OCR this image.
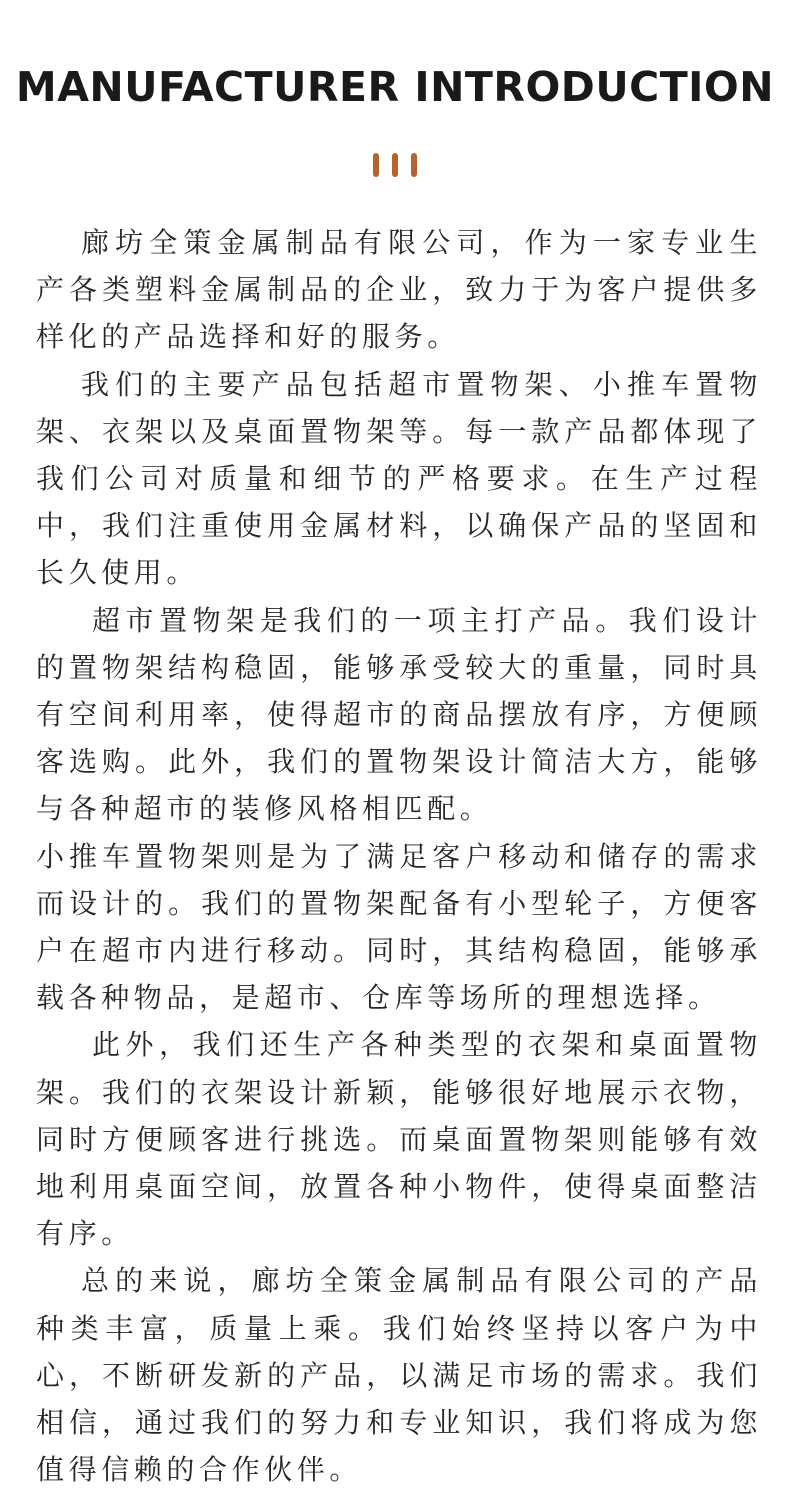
MANUFACTURER INTRODUCTION

廊坊全策金属制品有限公司，作为一家专业生产各类塑料金属制品的企业，致力于为客户提供多样化的产品选择和好的服务。

我们的主要产品包括超市置物架、小推车置物架、衣架以及桌面置物架等。每一款产品都体现了我们公司对质量和细节的严格要求。在生产过程中，我们注重使用金属材料，以确保产品的坚固和长久使用。

超市置物架是我们的一项主打产品。我们设计的置物架结构稳固，能够承受较大的重量，同时具有空间利用率，使得超市的商品摆放有序，方便顾客选购。此外，我们的置物架设计简洁大方，能够与各种超市的装修风格相匹配。

小推车置物架则是为了满足客户移动和储存的需求而设计的。我们的置物架配备有小型轮子，方便客户在超市内进行移动。同时，其结构稳固，能够承载各种物品，是超市、仓库等场所的理想选择。

此外，我们还生产各种类型的衣架和桌面置物架。我们的衣架设计新颖，能够很好地展示衣物，同时方便顾客进行挑选。而桌面置物架则能够有效地利用桌面空间，放置各种小物件，使得桌面整洁有序。

总的来说，廊坊全策金属制品有限公司的产品种类丰富，质量上乘。我们始终坚持以客户为中心，不断研发新的产品，以满足市场的需求。我们相信，通过我们的努力和专业知识，我们将成为您值得信赖的合作伙伴。
